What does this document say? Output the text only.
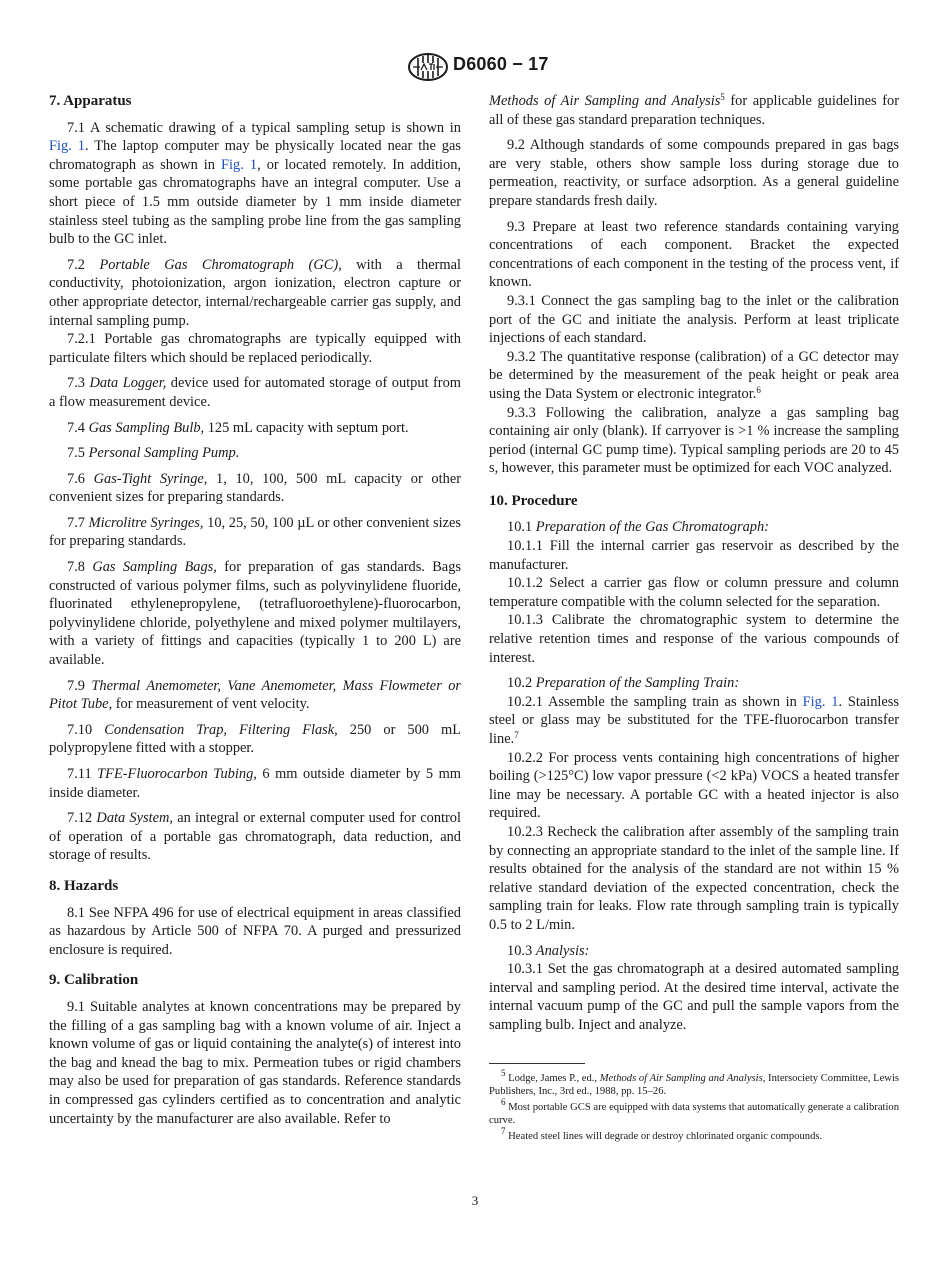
D6060 − 17
7. Apparatus

7.1 A schematic drawing of a typical sampling setup is shown in Fig. 1. The laptop computer may be physically located near the gas chromatograph as shown in Fig. 1, or located remotely. In addition, some portable gas chromatographs have an integral computer. Use a short piece of 1.5 mm outside diameter by 1 mm inside diameter stainless steel tubing as the sampling probe line from the gas sampling bulb to the GC inlet.

7.2 Portable Gas Chromatograph (GC), with a thermal conductivity, photoionization, argon ionization, electron capture or other appropriate detector, internal/rechargeable carrier gas supply, and internal sampling pump.

7.2.1 Portable gas chromatographs are typically equipped with particulate filters which should be replaced periodically.

7.3 Data Logger, device used for automated storage of output from a flow measurement device.

7.4 Gas Sampling Bulb, 125 mL capacity with septum port.

7.5 Personal Sampling Pump.

7.6 Gas-Tight Syringe, 1, 10, 100, 500 mL capacity or other convenient sizes for preparing standards.

7.7 Microlitre Syringes, 10, 25, 50, 100 µL or other convenient sizes for preparing standards.

7.8 Gas Sampling Bags, for preparation of gas standards. Bags constructed of various polymer films, such as polyvinylidene fluoride, fluorinated ethylenepropylene, (tetrafluoroethylene)-fluorocarbon, polyvinylidene chloride, polyethylene and mixed polymer multilayers, with a variety of fittings and capacities (typically 1 to 200 L) are available.

7.9 Thermal Anemometer, Vane Anemometer, Mass Flowmeter or Pitot Tube, for measurement of vent velocity.

7.10 Condensation Trap, Filtering Flask, 250 or 500 mL polypropylene fitted with a stopper.

7.11 TFE-Fluorocarbon Tubing, 6 mm outside diameter by 5 mm inside diameter.

7.12 Data System, an integral or external computer used for control of operation of a portable gas chromatograph, data reduction, and storage of results.

8. Hazards

8.1 See NFPA 496 for use of electrical equipment in areas classified as hazardous by Article 500 of NFPA 70. A purged and pressurized enclosure is required.

9. Calibration

9.1 Suitable analytes at known concentrations may be prepared by the filling of a gas sampling bag with a known volume of air. Inject a known volume of gas or liquid containing the analyte(s) of interest into the bag and knead the bag to mix. Permeation tubes or rigid chambers may also be used for preparation of gas standards. Reference standards in compressed gas cylinders certified as to concentration and analytic uncertainty by the manufacturer are also available. Refer to

Methods of Air Sampling and Analysis$^5$ for applicable guidelines for all of these gas standard preparation techniques.

9.2 Although standards of some compounds prepared in gas bags are very stable, others show sample loss during storage due to permeation, reactivity, or surface adsorption. As a general guideline prepare standards fresh daily.

9.3 Prepare at least two reference standards containing varying concentrations of each component. Bracket the expected concentrations of each component in the testing of the process vent, if known.

9.3.1 Connect the gas sampling bag to the inlet or the calibration port of the GC and initiate the analysis. Perform at least triplicate injections of each standard.

9.3.2 The quantitative response (calibration) of a GC detector may be determined by the measurement of the peak height or peak area using the Data System or electronic integrator.$^6$

9.3.3 Following the calibration, analyze a gas sampling bag containing air only (blank). If carryover is >1 % increase the sampling period (internal GC pump time). Typical sampling periods are 20 to 45 s, however, this parameter must be optimized for each VOC analyzed.

10. Procedure

10.1 Preparation of the Gas Chromatograph:

10.1.1 Fill the internal carrier gas reservoir as described by the manufacturer.

10.1.2 Select a carrier gas flow or column pressure and column temperature compatible with the column selected for the separation.

10.1.3 Calibrate the chromatographic system to determine the relative retention times and response of the various compounds of interest.

10.2 Preparation of the Sampling Train:

10.2.1 Assemble the sampling train as shown in Fig. 1. Stainless steel or glass may be substituted for the TFE-fluorocarbon transfer line.$^7$

10.2.2 For process vents containing high concentrations of higher boiling (>125°C) low vapor pressure (<2 kPa) VOCS a heated transfer line may be necessary. A portable GC with a heated injector is also required.

10.2.3 Recheck the calibration after assembly of the sampling train by connecting an appropriate standard to the inlet of the sample line. If results obtained for the analysis of the standard are not within 15 % relative standard deviation of the expected concentration, check the sampling train for leaks. Flow rate through sampling train is typically 0.5 to 2 L/min.

10.3 Analysis:

10.3.1 Set the gas chromatograph at a desired automated sampling interval and sampling period. At the desired time interval, activate the internal vacuum pump of the GC and pull the sample vapors from the sampling bulb. Inject and analyze.

$^5$ Lodge, James P., ed., Methods of Air Sampling and Analysis, Intersociety Committee, Lewis Publishers, Inc., 3rd ed., 1988, pp. 15–26.

$^6$ Most portable GCS are equipped with data systems that automatically generate a calibration curve.

$^7$ Heated steel lines will degrade or destroy chlorinated organic compounds.

3
